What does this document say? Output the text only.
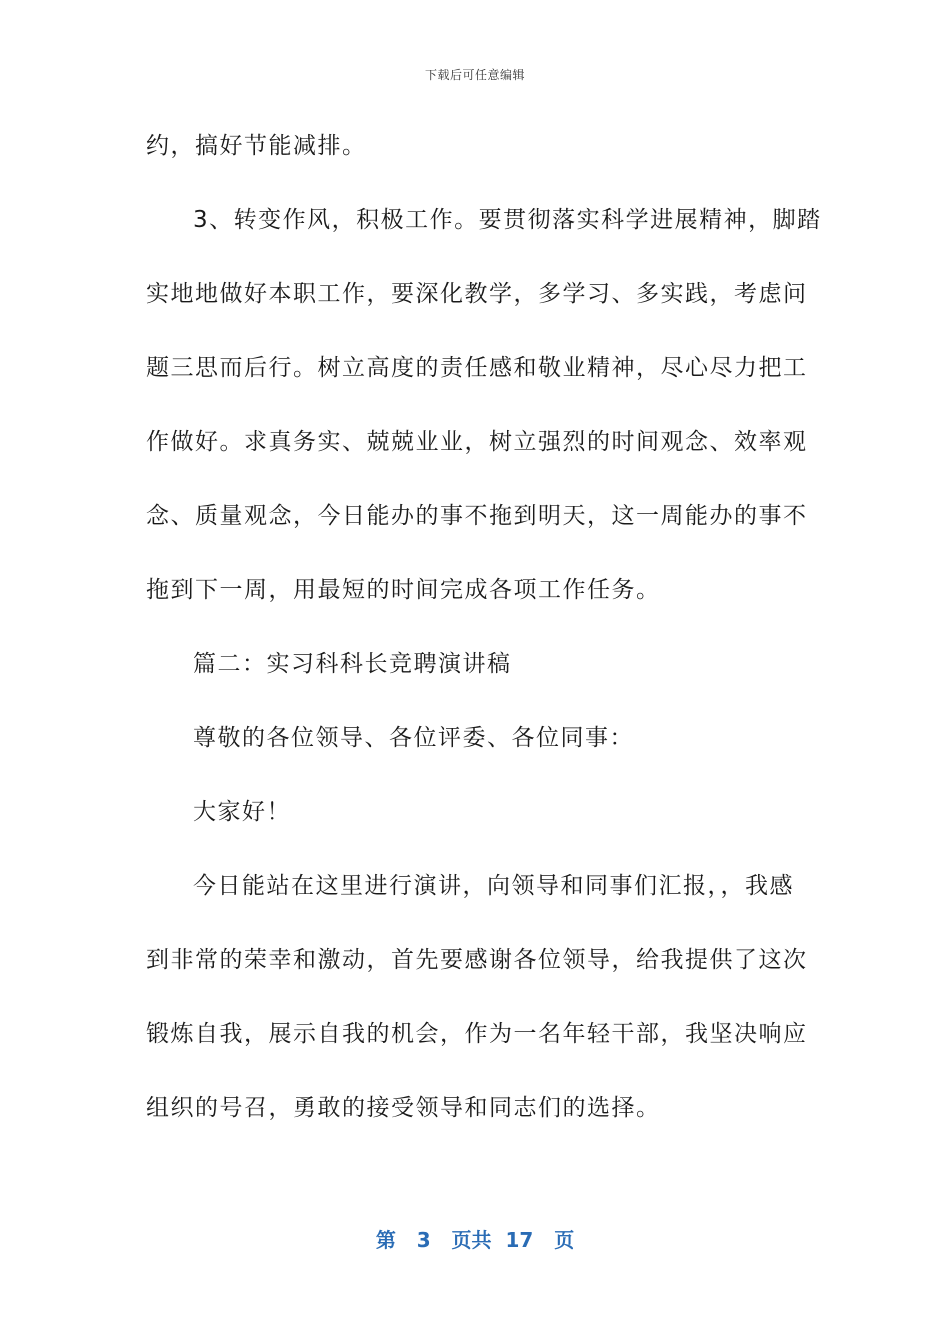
下载后可任意编辑
约，搞好节能减排。
3、转变作风，积极工作。要贯彻落实科学进展精神，脚踏
实地地做好本职工作，要深化教学，多学习、多实践，考虑问
题三思而后行。树立高度的责任感和敬业精神，尽心尽力把工
作做好。求真务实、兢兢业业，树立强烈的时间观念、效率观
念、质量观念，今日能办的事不拖到明天，这一周能办的事不
拖到下一周，用最短的时间完成各项工作任务。
篇二：实习科科长竞聘演讲稿
尊敬的各位领导、各位评委、各位同事：
大家好！
今日能站在这里进行演讲，向领导和同事们汇报，，我感
到非常的荣幸和激动，首先要感谢各位领导，给我提供了这次
锻炼自我，展示自我的机会，作为一名年轻干部，我坚决响应
组织的号召，勇敢的接受领导和同志们的选择。
第 3 页共 17 页
